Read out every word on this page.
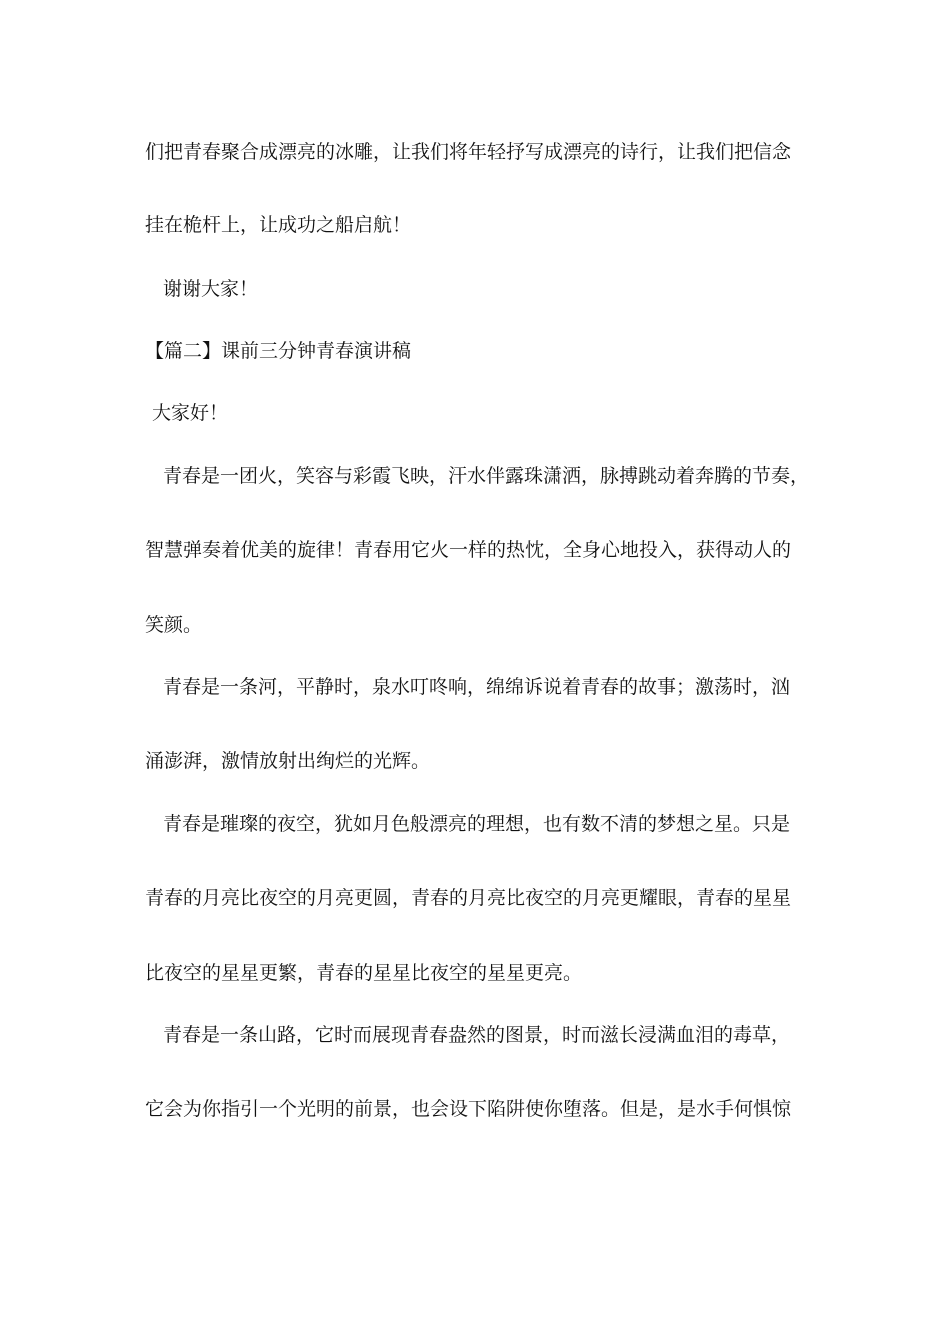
们把青春聚合成漂亮的冰雕，让我们将年轻抒写成漂亮的诗行，让我们把信念
挂在桅杆上，让成功之船启航！
谢谢大家！
【篇二】课前三分钟青春演讲稿
大家好！
青春是一团火，笑容与彩霞飞映，汗水伴露珠潇洒，脉搏跳动着奔腾的节奏，
智慧弹奏着优美的旋律！青春用它火一样的热忱，全身心地投入，获得动人的
笑颜。
青春是一条河，平静时，泉水叮咚响，绵绵诉说着青春的故事；激荡时，汹
涌澎湃，激情放射出绚烂的光辉。
青春是璀璨的夜空，犹如月色般漂亮的理想，也有数不清的梦想之星。只是
青春的月亮比夜空的月亮更圆，青春的月亮比夜空的月亮更耀眼，青春的星星
比夜空的星星更繁，青春的星星比夜空的星星更亮。
青春是一条山路，它时而展现青春盎然的图景，时而滋长浸满血泪的毒草，
它会为你指引一个光明的前景，也会设下陷阱使你堕落。但是，是水手何惧惊
